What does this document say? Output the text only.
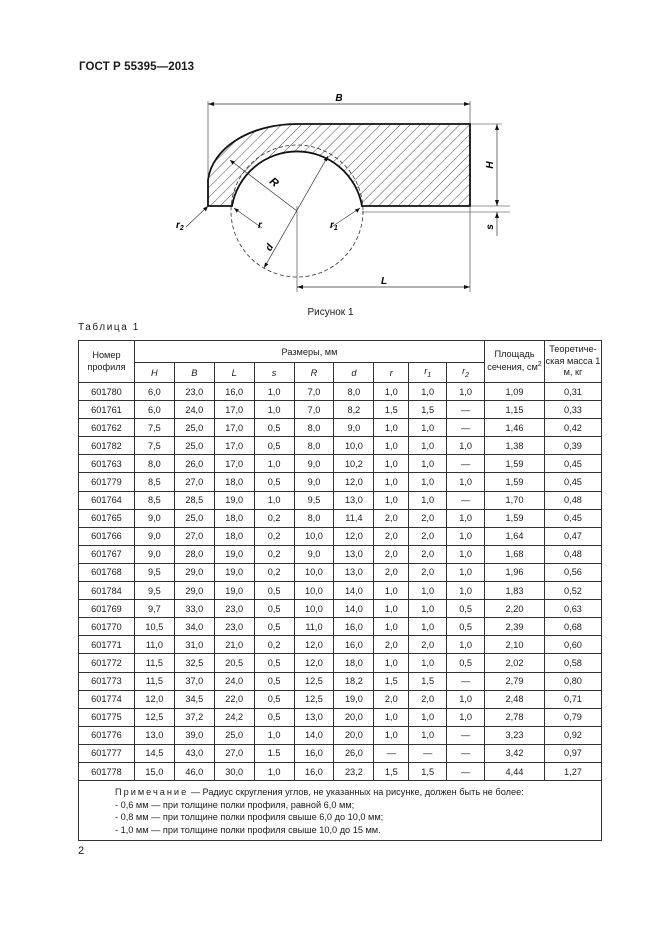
ГОСТ Р 55395—2013
B
H
s
L
R
d
r	$r_1$
$r_2$
Рисунок 1
Таблица 1
Номер профиля	Размеры, мм									Площадь сечения, $см^2$	Теоретиче-ская масса 1 м, кг
	H	B	L	s	R	d	r	$r_1$	$r_2$
601780	6,0	23,0	16,0	1,0	7,0	8,0	1,0	1,0	1,0	1,09	0,31
601761	6,0	24,0	17,0	1,0	7,0	8,2	1,5	1,5	—	1,15	0,33
601762	7,5	25,0	17,0	0,5	8,0	9,0	1,0	1,0	—	1,46	0,42
601782	7,5	25,0	17,0	0,5	8,0	10,0	1,0	1,0	1,0	1,38	0,39
601763	8,0	26,0	17,0	1,0	9,0	10,2	1,0	1,0	—	1,59	0,45
601779	8,5	27,0	18,0	0,5	9,0	12,0	1,0	1,0	1,0	1,59	0,45
601764	8,5	28,5	19,0	1,0	9,5	13,0	1,0	1,0	—	1,70	0,48
601765	9,0	25,0	18,0	0,2	8,0	11,4	2,0	2,0	1,0	1,59	0,45
601766	9,0	27,0	18,0	0,2	10,0	12,0	2,0	2,0	1,0	1,64	0,47
601767	9,0	28,0	19,0	0,2	9,0	13,0	2,0	2,0	1,0	1,68	0,48
601768	9,5	29,0	19,0	0,2	10,0	13,0	2,0	2,0	1,0	1,96	0,56
601784	9,5	29,0	19,0	0,5	10,0	14,0	1,0	1,0	1,0	1,83	0,52
601769	9,7	33,0	23,0	0,5	10,0	14,0	1,0	1,0	0,5	2,20	0,63
601770	10,5	34,0	23,0	0,5	11,0	16,0	1,0	1,0	0,5	2,39	0,68
601771	11,0	31,0	21,0	0,2	12,0	16,0	2,0	2,0	1,0	2,10	0,60
601772	11,5	32,5	20,5	0,5	12,0	18,0	1,0	1,0	0,5	2,02	0,58
601773	11,5	37,0	24,0	0,5	12,5	18,2	1,5	1,5	—	2,79	0,80
601774	12,0	34,5	22,0	0,5	12,5	19,0	2,0	2,0	1,0	2,48	0,71
601775	12,5	37,2	24,2	0,5	13,0	20,0	1,0	1,0	1,0	2,78	0,79
601776	13,0	39,0	25,0	1,0	14,0	20,0	1,0	1,0	—	3,23	0,92
601777	14,5	43,0	27,0	1.5	16,0	26,0	—	—	—	3,42	0,97
601778	15,0	46,0	30,0	1,0	16,0	23,2	1,5	1,5	—	4,44	1,27

Примечание — Радиус скругления углов, не указанных на рисунке, должен быть не более:
- 0,6 мм — при толщине полки профиля, равной 6,0 мм;
- 0,8 мм — при толщине полки профиля свыше 6,0 до 10,0 мм;
- 1,0 мм — при толщине полки профиля свыше 10,0 до 15 мм.											
2
